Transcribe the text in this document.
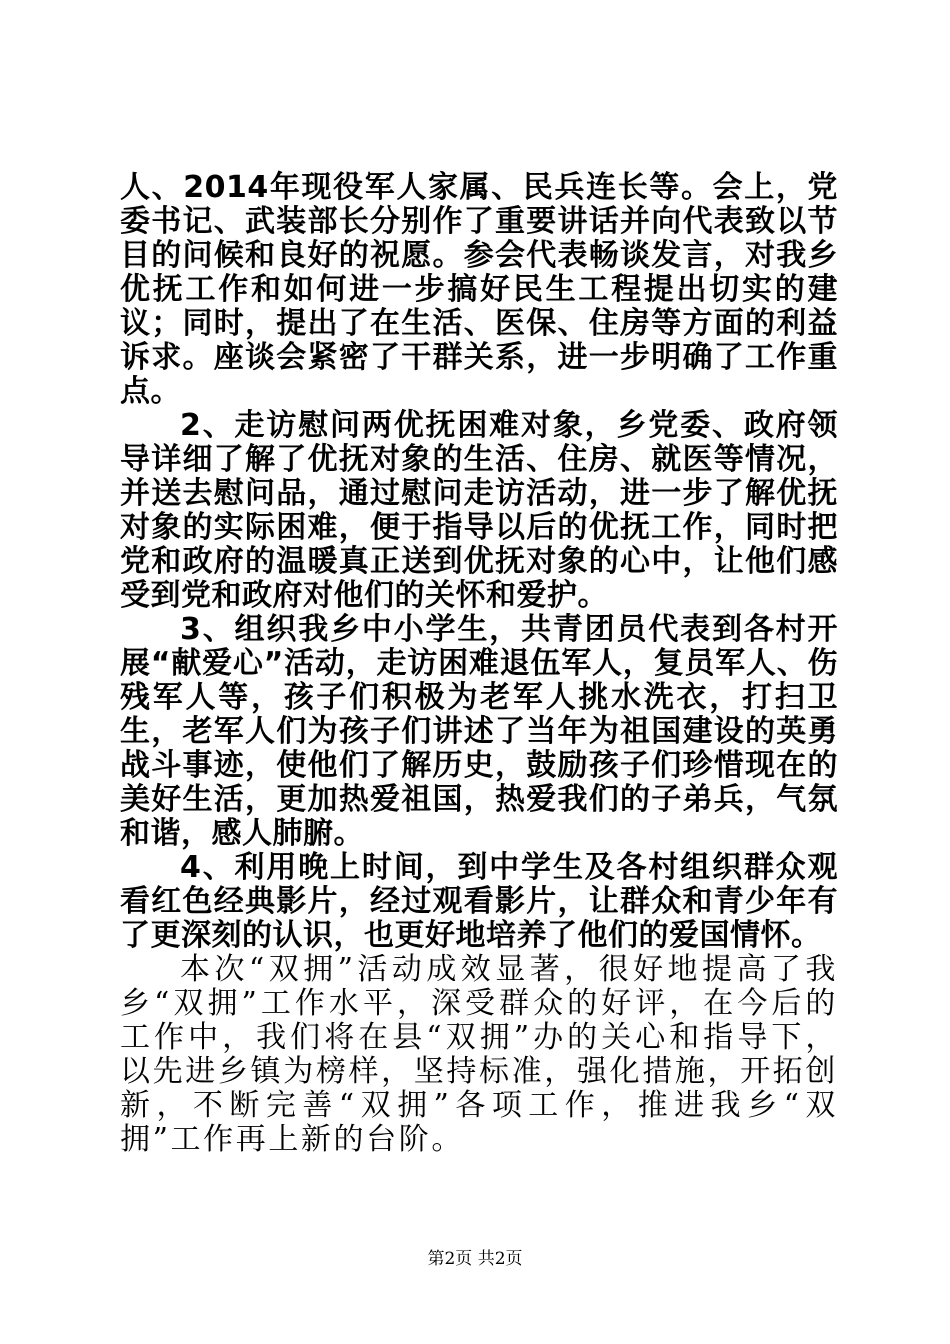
人、2014年现役军人家属、民兵连长等。会上，党委书记、武装部长分别作了重要讲话并向代表致以节目的问候和良好的祝愿。参会代表畅谈发言，对我乡优抚工作和如何进一步搞好民生工程提出切实的建议；同时，提出了在生活、医保、住房等方面的利益诉求。座谈会紧密了干群关系，进一步明确了工作重点。

2、走访慰问两优抚困难对象，乡党委、政府领导详细了解了优抚对象的生活、住房、就医等情况，并送去慰问品，通过慰问走访活动，进一步了解优抚对象的实际困难，便于指导以后的优抚工作，同时把党和政府的温暖真正送到优抚对象的心中，让他们感受到党和政府对他们的关怀和爱护。

3、组织我乡中小学生，共青团员代表到各村开展“献爱心”活动，走访困难退伍军人，复员军人、伤残军人等，孩子们积极为老军人挑水洗衣，打扫卫生，老军人们为孩子们讲述了当年为祖国建设的英勇战斗事迹，使他们了解历史，鼓励孩子们珍惜现在的美好生活，更加热爱祖国，热爱我们的子弟兵，气氛和谐，感人肺腑。

4、利用晚上时间，到中学生及各村组织群众观看红色经典影片，经过观看影片，让群众和青少年有了更深刻的认识，也更好地培养了他们的爱国情怀。

本次“双拥”活动成效显著，很好地提高了我乡“双拥”工作水平，深受群众的好评，在今后的工作中，我们将在县“双拥”办的关心和指导下，以先进乡镇为榜样，坚持标准，强化措施，开拓创新，不断完善“双拥”各项工作，推进我乡“双拥”工作再上新的台阶。

第2页 共2页
